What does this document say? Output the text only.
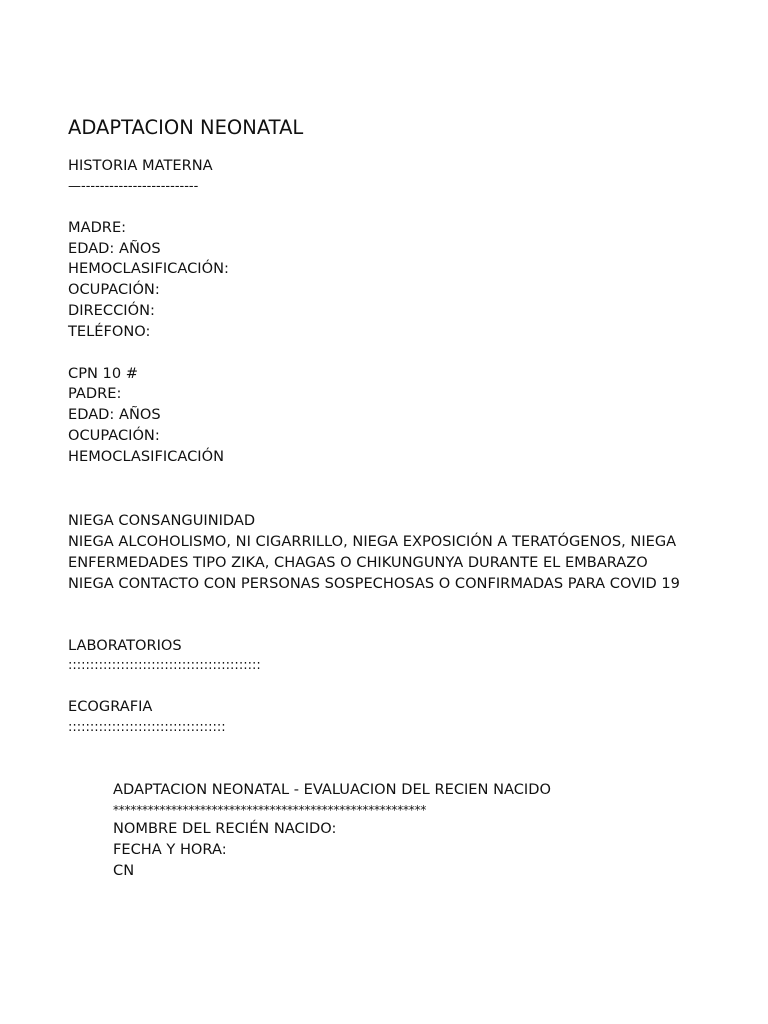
ADAPTACION NEONATAL
HISTORIA MATERNA
—-------------------------
MADRE:
EDAD: AÑOS
HEMOCLASIFICACIÓN:
OCUPACIÓN:
DIRECCIÓN:
TELÉFONO:
CPN 10 #
PADRE:
EDAD: AÑOS
OCUPACIÓN:
HEMOCLASIFICACIÓN
NIEGA CONSANGUINIDAD
NIEGA ALCOHOLISMO, NI CIGARRILLO, NIEGA EXPOSICIÓN A TERATÓGENOS, NIEGA ENFERMEDADES TIPO ZIKA, CHAGAS O CHIKUNGUNYA DURANTE EL EMBARAZO
NIEGA CONTACTO CON PERSONAS SOSPECHOSAS O CONFIRMADAS PARA COVID 19
LABORATORIOS
::::::::::::::::::::::::::::::::::::::::::::
ECOGRAFIA
::::::::::::::::::::::::::::::::::::
ADAPTACION NEONATAL - EVALUACION DEL RECIEN NACIDO
******************************************************
NOMBRE DEL RECIÉN NACIDO:
FECHA Y HORA:
CN
